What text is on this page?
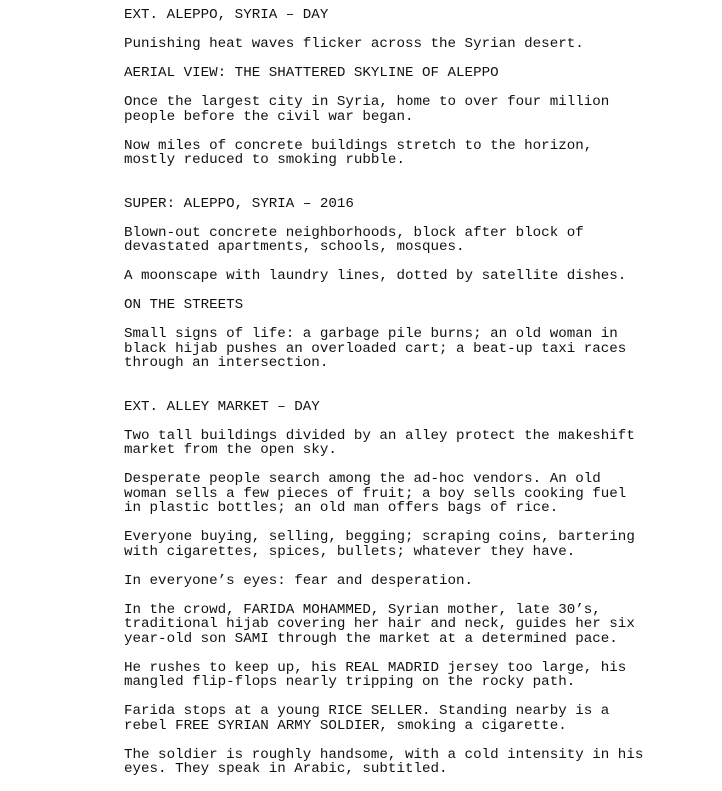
EXT. ALEPPO, SYRIA – DAY

Punishing heat waves flicker across the Syrian desert.

AERIAL VIEW: THE SHATTERED SKYLINE OF ALEPPO

Once the largest city in Syria, home to over four million
people before the civil war began.

Now miles of concrete buildings stretch to the horizon,
mostly reduced to smoking rubble.

SUPER: ALEPPO, SYRIA – 2016

Blown-out concrete neighborhoods, block after block of
devastated apartments, schools, mosques.

A moonscape with laundry lines, dotted by satellite dishes.

ON THE STREETS

Small signs of life: a garbage pile burns; an old woman in
black hijab pushes an overloaded cart; a beat-up taxi races
through an intersection.

EXT. ALLEY MARKET – DAY

Two tall buildings divided by an alley protect the makeshift
market from the open sky.

Desperate people search among the ad-hoc vendors. An old
woman sells a few pieces of fruit; a boy sells cooking fuel
in plastic bottles; an old man offers bags of rice.

Everyone buying, selling, begging; scraping coins, bartering
with cigarettes, spices, bullets; whatever they have.

In everyone’s eyes: fear and desperation.

In the crowd, FARIDA MOHAMMED, Syrian mother, late 30’s,
traditional hijab covering her hair and neck, guides her six
year-old son SAMI through the market at a determined pace.

He rushes to keep up, his REAL MADRID jersey too large, his
mangled flip-flops nearly tripping on the rocky path.

Farida stops at a young RICE SELLER. Standing nearby is a
rebel FREE SYRIAN ARMY SOLDIER, smoking a cigarette.

The soldier is roughly handsome, with a cold intensity in his
eyes. They speak in Arabic, subtitled.
